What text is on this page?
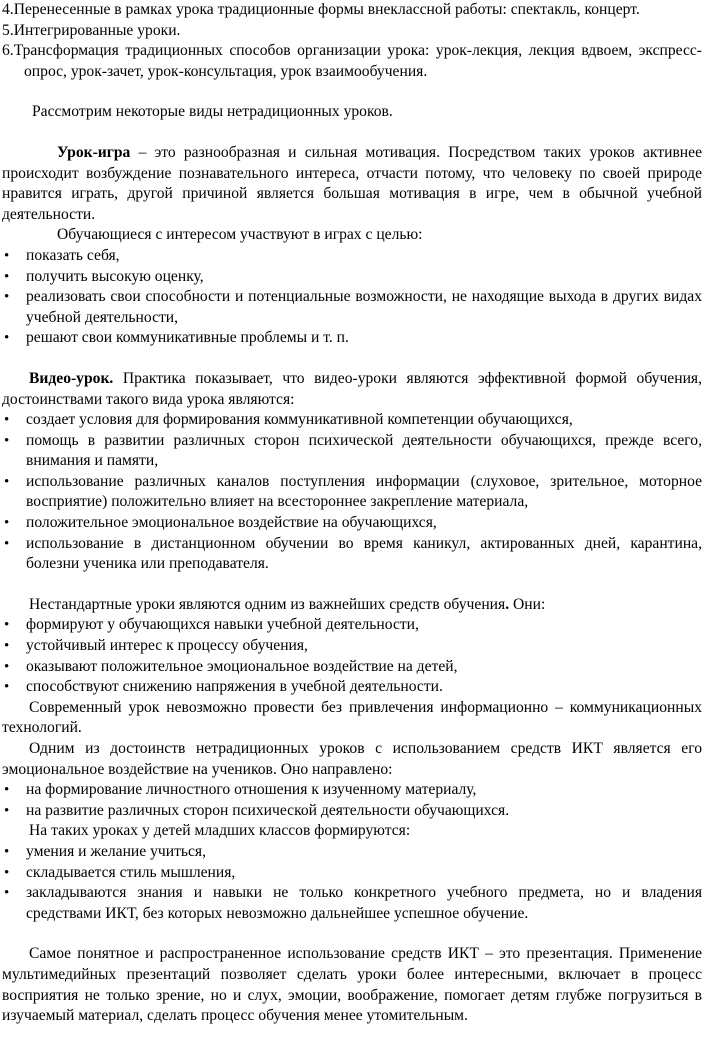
4.Перенесенные в рамках урока традиционные формы внеклассной работы: спектакль, концерт.

5.Интегрированные уроки.

6.Трансформация традиционных способов организации урока: урок-лекция, лекция вдвоем, экспресс-опрос, урок-зачет, урок-консультация, урок взаимообучения.

Рассмотрим некоторые виды нетрадиционных уроков.

Урок-игра – это разнообразная и сильная мотивация. Посредством таких уроков активнее происходит возбуждение познавательного интереса, отчасти потому, что человеку по своей природе нравится играть, другой причиной является большая мотивация в игре, чем в обычной учебной деятельности.

Обучающиеся с интересом участвуют в играх с целью:

• показать себя,
• получить высокую оценку,
• реализовать свои способности и потенциальные возможности, не находящие выхода в других видах учебной деятельности,
• решают свои коммуникативные проблемы и т. п.

Видео-урок. Практика показывает, что видео-уроки являются эффективной формой обучения, достоинствами такого вида урока являются:

• создает условия для формирования коммуникативной компетенции обучающихся,
• помощь в развитии различных сторон психической деятельности обучающихся, прежде всего, внимания и памяти,
• использование различных каналов поступления информации (слуховое, зрительное, моторное восприятие) положительно влияет на всестороннее закрепление материала,
• положительное эмоциональное воздействие на обучающихся,
• использование в дистанционном обучении во время каникул, актированных дней, карантина, болезни ученика или преподавателя.

Нестандартные уроки являются одним из важнейших средств обучения. Они:

• формируют у обучающихся навыки учебной деятельности,
• устойчивый интерес к процессу обучения,
• оказывают положительное эмоциональное воздействие на детей,
• способствуют снижению напряжения в учебной деятельности.

Современный урок невозможно провести без привлечения информационно – коммуникационных технологий.

Одним из достоинств нетрадиционных уроков с использованием средств ИКТ является его эмоциональное воздействие на учеников. Оно направлено:

• на формирование личностного отношения к изученному материалу,
• на развитие различных сторон психической деятельности обучающихся.

На таких уроках у детей младших классов формируются:

• умения и желание учиться,
• складывается стиль мышления,
• закладываются знания и навыки не только конкретного учебного предмета, но и владения средствами ИКТ, без которых невозможно дальнейшее успешное обучение.

Самое понятное и распространенное использование средств ИКТ – это презентация. Применение мультимедийных презентаций позволяет сделать уроки более интересными, включает в процесс восприятия не только зрение, но и слух, эмоции, воображение, помогает детям глубже погрузиться в изучаемый материал, сделать процесс обучения менее утомительным.
